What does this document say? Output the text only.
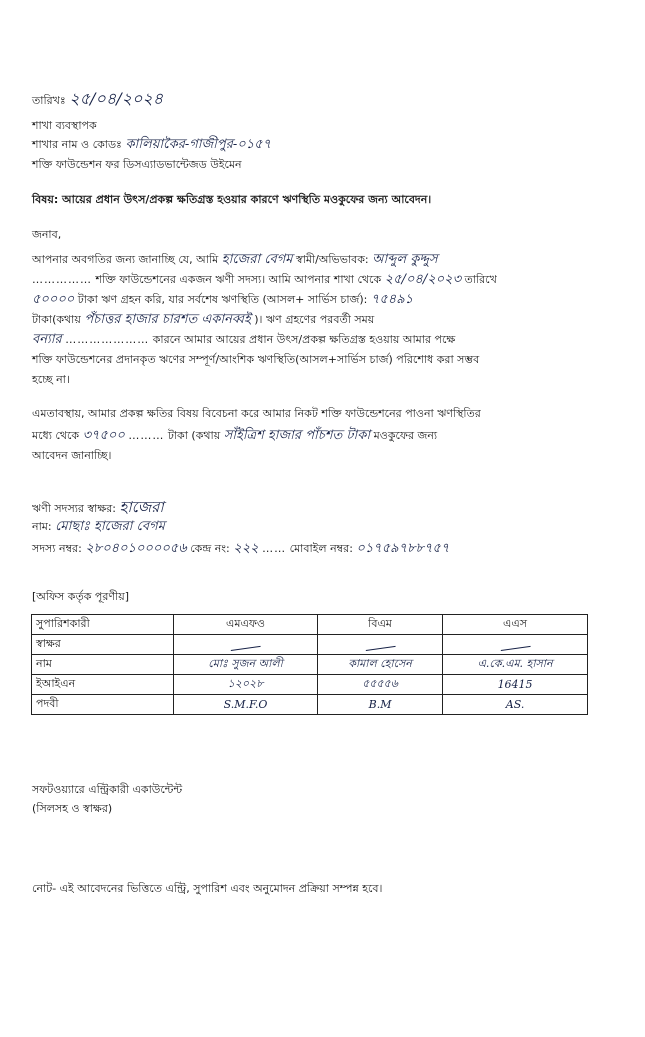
তারিখঃ ২৫/০৪/২০২৪
শাখা ব্যবস্থাপক
শাখার নাম ও কোডঃ কালিয়াকৈর-গাজীপুর-০১৫৭
শক্তি ফাউন্ডেশন ফর ডিসএ্যাডভান্টেজড উইমেন
বিষয়: আয়ের প্রধান উৎস/প্রকল্প ক্ষতিগ্রস্ত হওয়ার কারণে ঋণস্থিতি মওকুফের জন্য আবেদন।
জনাব,
আপনার অবগতির জন্য জানাচ্ছি যে, আমি হাজেরা বেগম স্বামী/অভিভাবক: আব্দুল কুদ্দুস
…………… শক্তি ফাউন্ডেশনের একজন ঋণী সদস্য। আমি আপনার শাখা থেকে ২৫/০৪/২০২৩ তারিখে
৫০০০০ টাকা ঋণ গ্রহন করি, যার সর্বশেষ ঋণস্থিতি (আসল+ সার্ভিস চার্জ): ৭৫৪৯১
টাকা(কথায় পঁচাত্তর হাজার চারশত একানব্বই )। ঋণ গ্রহণের পরবর্তী সময়
বন্যার ………………… কারনে আমার আয়ের প্রধান উৎস/প্রকল্প ক্ষতিগ্রস্ত হওয়ায় আমার পক্ষে
শক্তি ফাউন্ডেশনের প্রদানকৃত ঋণের সম্পূর্ণ/আংশিক ঋণস্থিতি(আসল+সার্ভিস চার্জ) পরিশোধ করা সম্ভব
হচ্ছে না।
এমতাবস্থায়, আমার প্রকল্প ক্ষতির বিষয় বিবেচনা করে আমার নিকট শক্তি ফাউন্ডেশনের পাওনা ঋণস্থিতির
মধ্যে থেকে ৩৭৫০০ ……… টাকা (কথায় সাঁইত্রিশ হাজার পাঁচশত টাকা মওকুফের জন্য
আবেদন জানাচ্ছি।
ঋণী সদস্যর স্বাক্ষর: হাজেরা
নাম: মোছাঃ হাজেরা বেগম
সদস্য নম্বর: ২৮০৪০১০০০০৫৬ কেন্দ্র নং: ২২২ …… মোবাইল নম্বর: ০১৭৫৯৭৮৮৭৫৭
[অফিস কর্তৃক পূরণীয়]
সুপারিশকারী	এমএফও	বিএম	এএস
স্বাক্ষর			
নাম	মোঃ সুজন আলী	কামাল হোসেন	এ.কে.এম. হাসান
ইআইএন	১২০২৮	৫৫৫৫৬	16415
পদবী	S.M.F.O	B.M	AS.
সফটওয়্যারে এন্ট্রিকারী একাউন্টেন্ট
(সিলসহ ও স্বাক্ষর)
নোট- এই আবেদনের ভিত্তিতে এন্ট্রি, সুপারিশ এবং অনুমোদন প্রক্রিয়া সম্পন্ন হবে।
